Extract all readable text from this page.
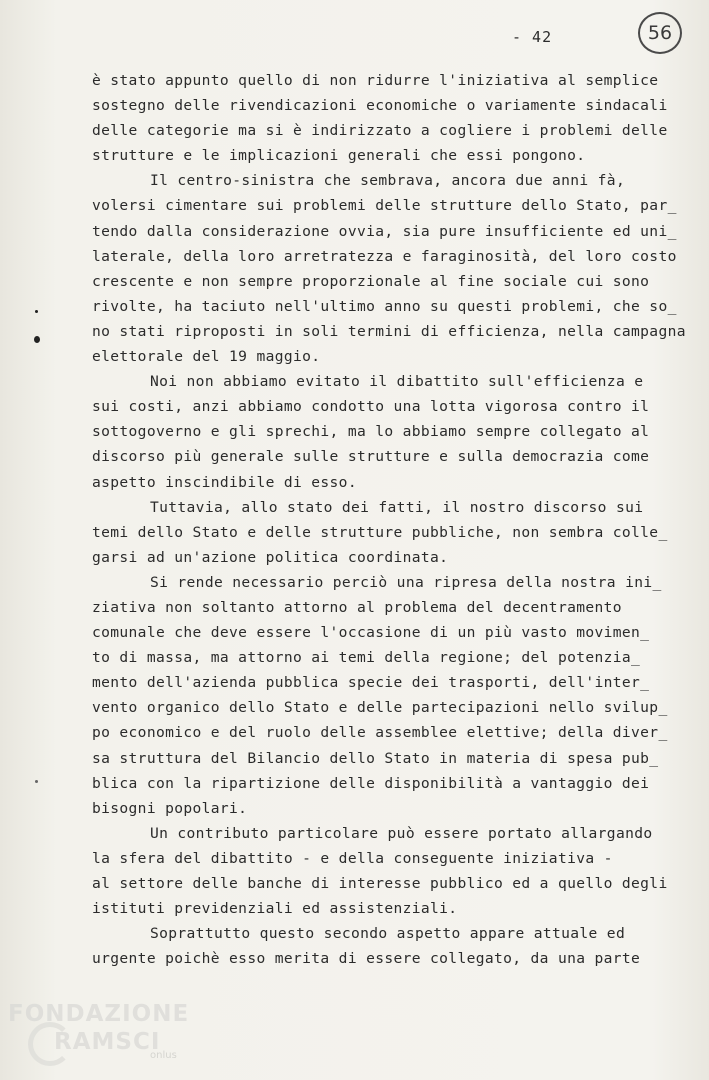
- 42	56
è stato appunto quello di non ridurre l'iniziativa al semplice
sostegno delle rivendicazioni economiche o variamente sindacali
delle categorie ma si è indirizzato a cogliere i problemi delle
strutture e le implicazioni generali che essi pongono.
Il centro-sinistra che sembrava, ancora due anni fà,
volersi cimentare sui problemi delle strutture dello Stato, par_
tendo dalla considerazione ovvia, sia pure insufficiente ed uni_
laterale, della loro arretratezza e faraginosità, del loro costo
crescente e non sempre proporzionale al fine sociale cui sono
rivolte, ha taciuto nell'ultimo anno su questi problemi, che so_
no stati riproposti in soli termini di efficienza, nella campagna
elettorale del 19 maggio.
Noi non abbiamo evitato il dibattito sull'efficienza e
sui costi, anzi abbiamo condotto una lotta vigorosa contro il
sottogoverno e gli sprechi, ma lo abbiamo sempre collegato al
discorso più generale sulle strutture e sulla democrazia come
aspetto inscindibile di esso.
Tuttavia, allo stato dei fatti, il nostro discorso sui
temi dello Stato e delle strutture pubbliche, non sembra colle_
garsi ad un'azione politica coordinata.
Si rende necessario perciò una ripresa della nostra ini_
ziativa non soltanto attorno al problema del decentramento
comunale che deve essere l'occasione di un più vasto movimen_
to di massa, ma attorno ai temi della regione; del potenzia_
mento dell'azienda pubblica specie dei trasporti, dell'inter_
vento organico dello Stato e delle partecipazioni nello svilup_
po economico e del ruolo delle assemblee elettive; della diver_
sa struttura del Bilancio dello Stato in materia di spesa pub_
blica con la ripartizione delle disponibilità a vantaggio dei
bisogni popolari.
Un contributo particolare può essere portato allargando
la sfera del dibattito - e della conseguente iniziativa -
al settore delle banche di interesse pubblico ed a quello degli
istituti previdenziali ed assistenziali.
Soprattutto questo secondo aspetto appare attuale ed
urgente poichè esso merita di essere collegato, da una parte
FONDAZIONE
RAMSCI
onlus
